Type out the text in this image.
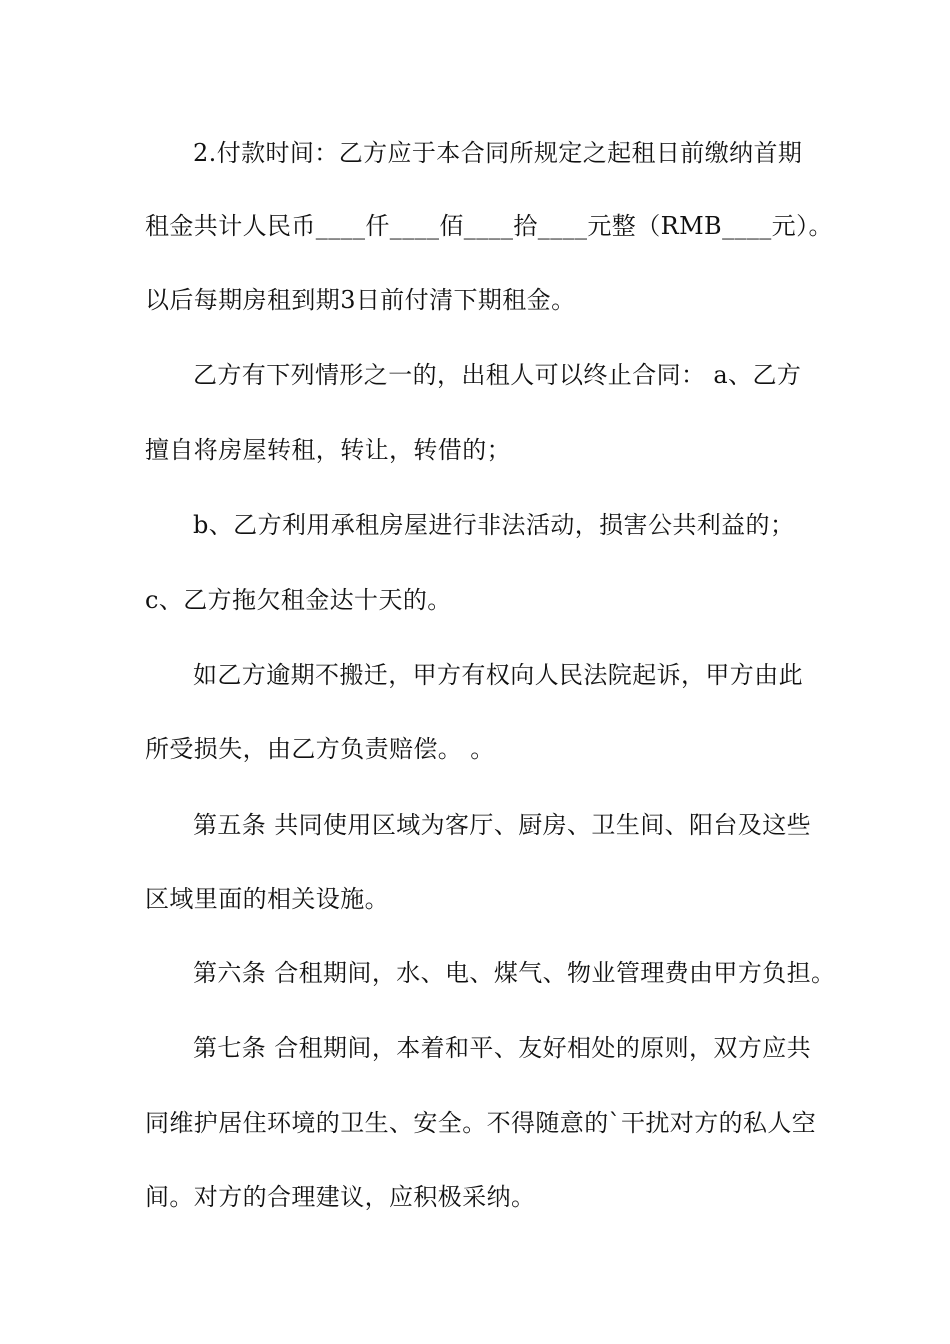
2.付款时间：乙方应于本合同所规定之起租日前缴纳首期
租金共计人民币____仟____佰____拾____元整（RMB____元）。
以后每期房租到期3日前付清下期租金。
乙方有下列情形之一的，出租人可以终止合同： a、乙方
擅自将房屋转租，转让，转借的；
b、乙方利用承租房屋进行非法活动，损害公共利益的；
c、乙方拖欠租金达十天的。
如乙方逾期不搬迁，甲方有权向人民法院起诉，甲方由此
所受损失，由乙方负责赔偿。 。
第五条 共同使用区域为客厅、厨房、卫生间、阳台及这些
区域里面的相关设施。
第六条 合租期间，水、电、煤气、物业管理费由甲方负担。
第七条 合租期间，本着和平、友好相处的原则，双方应共
同维护居住环境的卫生、安全。不得随意的`干扰对方的私人空
间。对方的合理建议，应积极采纳。
